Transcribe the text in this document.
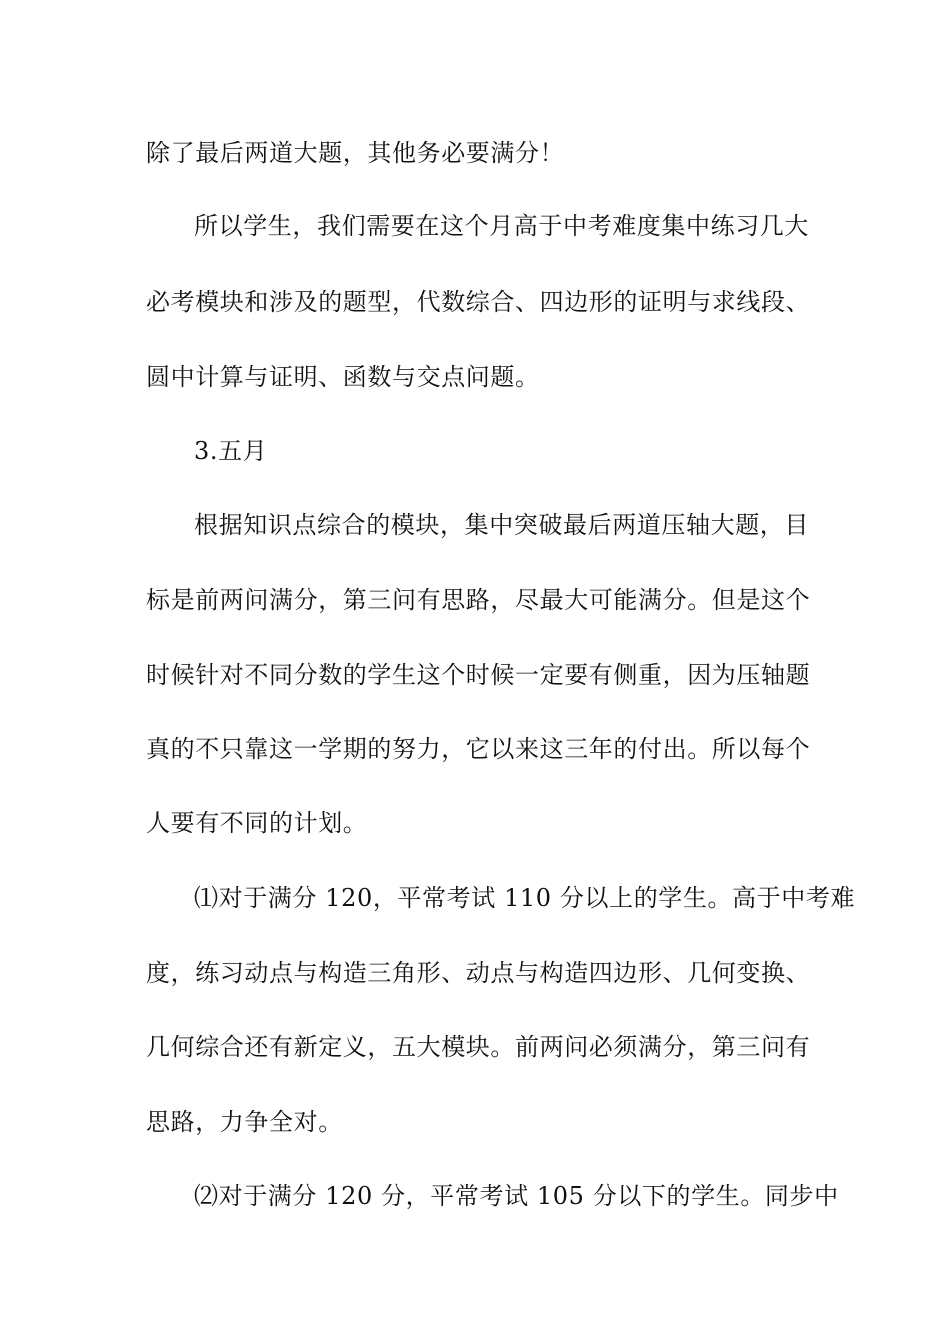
除了最后两道大题，其他务必要满分！
所以学生，我们需要在这个月高于中考难度集中练习几大
必考模块和涉及的题型，代数综合、四边形的证明与求线段、
圆中计算与证明、函数与交点问题。
3.五月
根据知识点综合的模块，集中突破最后两道压轴大题，目
标是前两问满分，第三问有思路，尽最大可能满分。但是这个
时候针对不同分数的学生这个时候一定要有侧重，因为压轴题
真的不只靠这一学期的努力，它以来这三年的付出。所以每个
人要有不同的计划。
⑴对于满分 120，平常考试 110 分以上的学生。高于中考难
度，练习动点与构造三角形、动点与构造四边形、几何变换、
几何综合还有新定义，五大模块。前两问必须满分，第三问有
思路，力争全对。
⑵对于满分 120 分，平常考试 105 分以下的学生。同步中
